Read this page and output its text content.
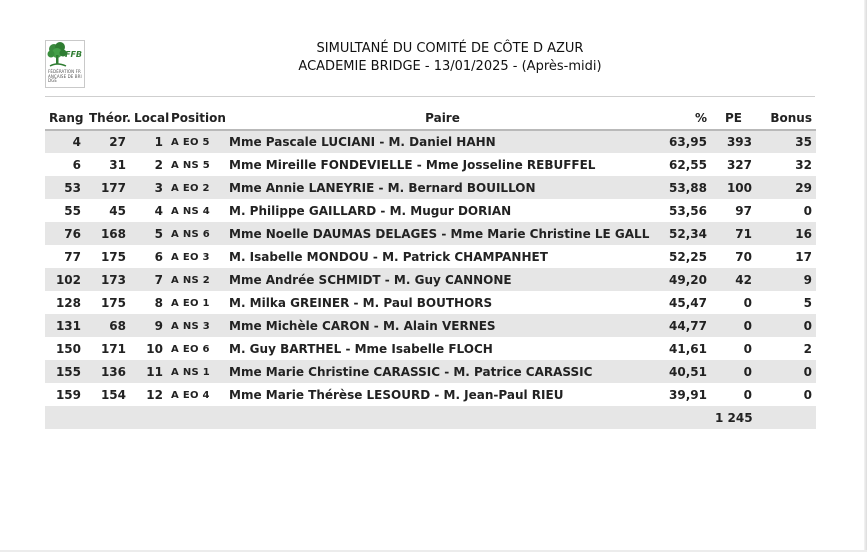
FFB
FÉDÉRATION FRANÇAISE DE BRIDGE
SIMULTANÉ DU COMITÉ DE CÔTE D AZUR
ACADEMIE BRIDGE - 13/01/2025 - (Après-midi)
Rang	Théor.	Local	Position	Paire	%	PE	Bonus
4	27	1	A EO 5	Mme Pascale LUCIANI - M. Daniel HAHN	63,95	393	35
6	31	2	A NS 5	Mme Mireille FONDEVIELLE - Mme Josseline REBUFFEL	62,55	327	32
53	177	3	A EO 2	Mme Annie LANEYRIE - M. Bernard BOUILLON	53,88	100	29
55	45	4	A NS 4	M. Philippe GAILLARD - M. Mugur DORIAN	53,56	97	0
76	168	5	A NS 6	Mme Noelle DAUMAS DELAGES - Mme Marie Christine LE GALL	52,34	71	16
77	175	6	A EO 3	M. Isabelle MONDOU - M. Patrick CHAMPANHET	52,25	70	17
102	173	7	A NS 2	Mme Andrée SCHMIDT - M. Guy CANNONE	49,20	42	9
128	175	8	A EO 1	M. Milka GREINER - M. Paul BOUTHORS	45,47	0	5
131	68	9	A NS 3	Mme Michèle CARON - M. Alain VERNES	44,77	0	0
150	171	10	A EO 6	M. Guy BARTHEL - Mme Isabelle FLOCH	41,61	0	2
155	136	11	A NS 1	Mme Marie Christine CARASSIC - M. Patrice CARASSIC	40,51	0	0
159	154	12	A EO 4	Mme Marie Thérèse LESOURD - M. Jean-Paul RIEU	39,91	0	0
						1 245	
